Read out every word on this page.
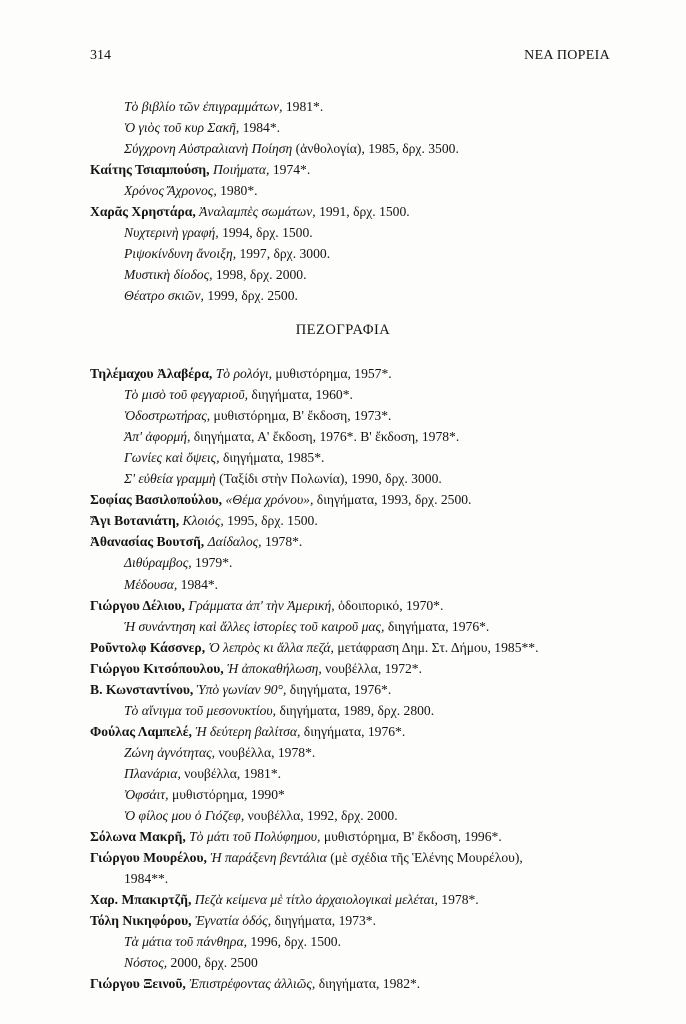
314	ΝΕΑ ΠΟΡΕΙΑ
Τὸ βιβλίο τῶν ἐπιγραμμάτων, 1981*.
Ὁ γιὸς τοῦ κυρ Σακῆ, 1984*.
Σύγχρονη Αὐστραλιανὴ Ποίηση (ἀνθολογία), 1985, δρχ. 3500.
Καίτης Τσιαμπούση, Ποιήματα, 1974*.
Χρόνος Ἄχρονος, 1980*.
Χαρᾶς Χρηστάρα, Ἀναλαμπὲς σωμάτων, 1991, δρχ. 1500.
Νυχτερινὴ γραφή, 1994, δρχ. 1500.
Ριψοκίνδυνη ἄνοιξη, 1997, δρχ. 3000.
Μυστικὴ δίοδος, 1998, δρχ. 2000.
Θέατρο σκιῶν, 1999, δρχ. 2500.
ΠΕΖΟΓΡΑΦΙΑ
Τηλέμαχου Ἀλαβέρα, Τὸ ρολόγι, μυθιστόρημα, 1957*.
Τὸ μισὸ τοῦ φεγγαριοῦ, διηγήματα, 1960*.
Ὁδοστρωτήρας, μυθιστόρημα, Β' ἔκδοση, 1973*.
Ἀπ' ἀφορμή, διηγήματα, Α' ἔκδοση, 1976*. Β' ἔκδοση, 1978*.
Γωνίες καὶ ὄψεις, διηγήματα, 1985*.
Σ' εὐθεία γραμμὴ (Ταξίδι στὴν Πολωνία), 1990, δρχ. 3000.
Σοφίας Βασιλοπούλου, «Θέμα χρόνου», διηγήματα, 1993, δρχ. 2500.
Ἄγι Βοτανιάτη, Κλοιός, 1995, δρχ. 1500.
Ἀθανασίας Βουτσῆ, Δαίδαλος, 1978*.
Διθύραμβος, 1979*.
Μέδουσα, 1984*.
Γιώργου Δέλιου, Γράμματα ἀπ' τὴν Ἀμερική, ὁδοιπορικό, 1970*.
Ἡ συνάντηση καὶ ἄλλες ἱστορίες τοῦ καιροῦ μας, διηγήματα, 1976*.
Ροῦντολφ Κάσσνερ, Ὁ λεπρὸς κι ἄλλα πεζά, μετάφραση Δημ. Στ. Δήμου, 1985**.
Γιώργου Κιτσόπουλου, Ἡ ἀποκαθήλωση, νουβέλλα, 1972*.
Β. Κωνσταντίνου, Ὑπὸ γωνίαν 90°, διηγήματα, 1976*.
Τὸ αἴνιγμα τοῦ μεσονυκτίου, διηγήματα, 1989, δρχ. 2800.
Φούλας Λαμπελέ, Ἡ δεύτερη βαλίτσα, διηγήματα, 1976*.
Ζώνη ἀγνότητας, νουβέλλα, 1978*.
Πλανάρια, νουβέλλα, 1981*.
Ὀφσάιτ, μυθιστόρημα, 1990*
Ὁ φίλος μου ὁ Γιόζεφ, νουβέλλα, 1992, δρχ. 2000.
Σόλωνα Μακρῆ, Τὸ μάτι τοῦ Πολύφημου, μυθιστόρημα, Β' ἔκδοση, 1996*.
Γιώργου Μουρέλου, Ἡ παράξενη βεντάλια (μὲ σχέδια τῆς Ἑλένης Μουρέλου),
1984**.
Χαρ. Μπακιρτζῆ, Πεζὰ κείμενα μὲ τίτλο ἀρχαιολογικαὶ μελέται, 1978*.
Τόλη Νικηφόρου, Ἐγνατία ὁδός, διηγήματα, 1973*.
Τὰ μάτια τοῦ πάνθηρα, 1996, δρχ. 1500.
Νόστος, 2000, δρχ. 2500
Γιώργου Ξεινοῦ, Ἐπιστρέφοντας ἀλλιῶς, διηγήματα, 1982*.
